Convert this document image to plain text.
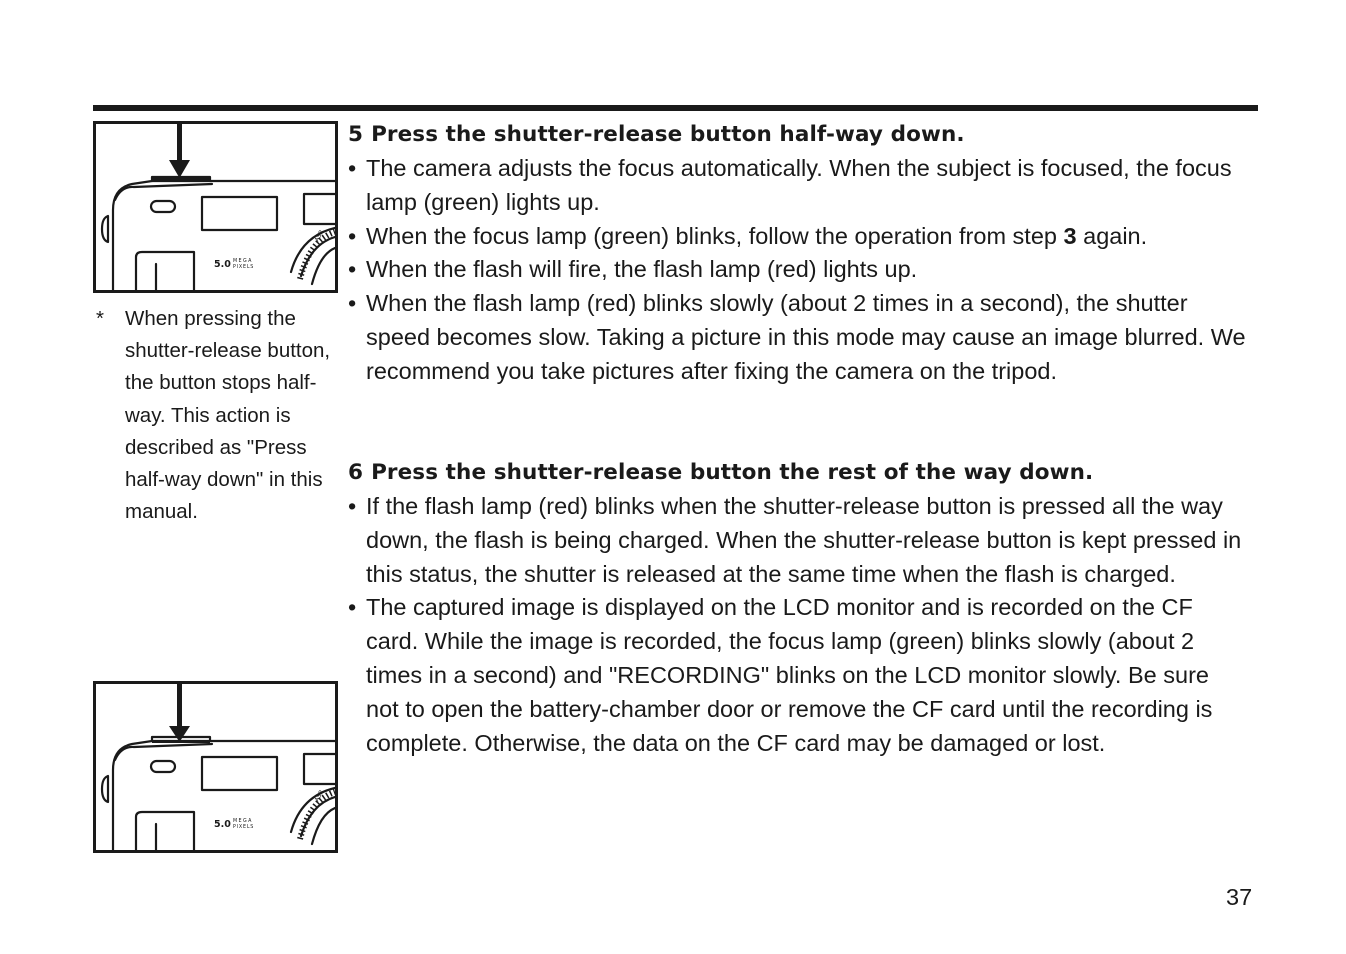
ASP
5.0 MEGA
PIXELS
* When pressing the shutter-release button, the button stops half-way. This action is described as "Press half-way down" in this manual.
5 Press the shutter-release button half-way down.
• The camera adjusts the focus automatically. When the subject is focused, the focus lamp (green) lights up.
• When the focus lamp (green) blinks, follow the operation from step 3 again.
• When the flash will fire, the flash lamp (red) lights up.
• When the flash lamp (red) blinks slowly (about 2 times in a second), the shutter speed becomes slow. Taking a picture in this mode may cause an image blurred. We recommend you take pictures after fixing the camera on the tripod.
6 Press the shutter-release button the rest of the way down.
• If the flash lamp (red) blinks when the shutter-release button is pressed all the way down, the flash is being charged. When the shutter-release button is kept pressed in this status, the shutter is released at the same time when the flash is charged.
• The captured image is displayed on the LCD monitor and is recorded on the CF card. While the image is recorded, the focus lamp (green) blinks slowly (about 2 times in a second) and "RECORDING" blinks on the LCD monitor slowly. Be sure not to open the battery-chamber door or remove the CF card until the recording is complete. Otherwise, the data on the CF card may be damaged or lost.
ASP
5.0 MEGA
PIXELS
37
